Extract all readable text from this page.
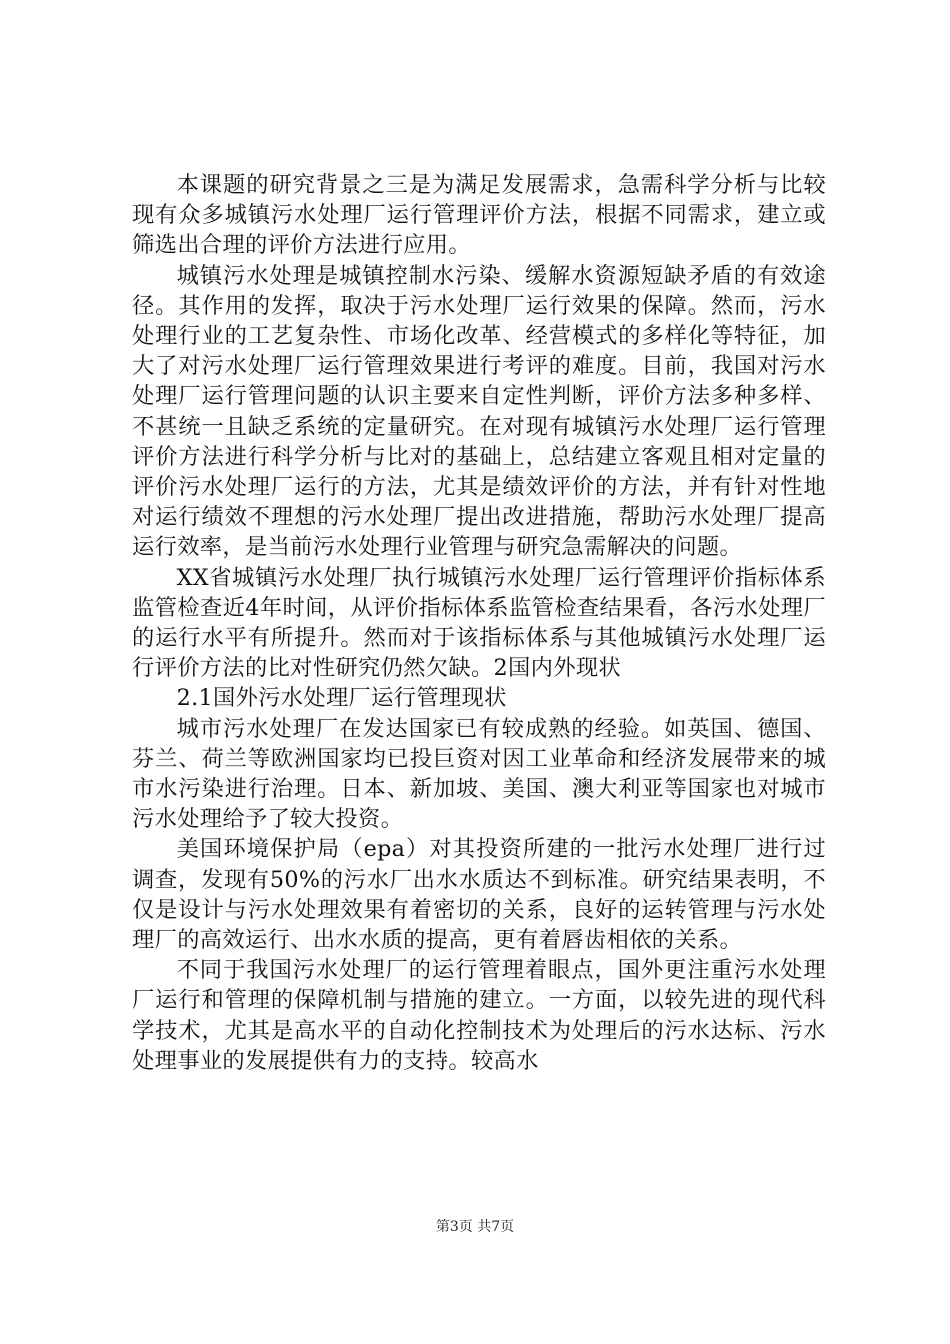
本课题的研究背景之三是为满足发展需求，急需科学分析与比较现有众多城镇污水处理厂运行管理评价方法，根据不同需求，建立或筛选出合理的评价方法进行应用。

城镇污水处理是城镇控制水污染、缓解水资源短缺矛盾的有效途径。其作用的发挥，取决于污水处理厂运行效果的保障。然而，污水处理行业的工艺复杂性、市场化改革、经营模式的多样化等特征，加大了对污水处理厂运行管理效果进行考评的难度。目前，我国对污水处理厂运行管理问题的认识主要来自定性判断，评价方法多种多样、不甚统一且缺乏系统的定量研究。在对现有城镇污水处理厂运行管理评价方法进行科学分析与比对的基础上，总结建立客观且相对定量的评价污水处理厂运行的方法，尤其是绩效评价的方法，并有针对性地对运行绩效不理想的污水处理厂提出改进措施，帮助污水处理厂提高运行效率，是当前污水处理行业管理与研究急需解决的问题。

XX省城镇污水处理厂执行城镇污水处理厂运行管理评价指标体系监管检查近4年时间，从评价指标体系监管检查结果看，各污水处理厂的运行水平有所提升。然而对于该指标体系与其他城镇污水处理厂运行评价方法的比对性研究仍然欠缺。2国内外现状

2.1国外污水处理厂运行管理现状

城市污水处理厂在发达国家已有较成熟的经验。如英国、德国、芬兰、荷兰等欧洲国家均已投巨资对因工业革命和经济发展带来的城市水污染进行治理。日本、新加坡、美国、澳大利亚等国家也对城市污水处理给予了较大投资。

美国环境保护局（epa）对其投资所建的一批污水处理厂进行过调查，发现有50%的污水厂出水水质达不到标准。研究结果表明，不仅是设计与污水处理效果有着密切的关系，良好的运转管理与污水处理厂的高效运行、出水水质的提高，更有着唇齿相依的关系。

不同于我国污水处理厂的运行管理着眼点，国外更注重污水处理厂运行和管理的保障机制与措施的建立。一方面，以较先进的现代科学技术，尤其是高水平的自动化控制技术为处理后的污水达标、污水处理事业的发展提供有力的支持。较高水

第3页 共7页
